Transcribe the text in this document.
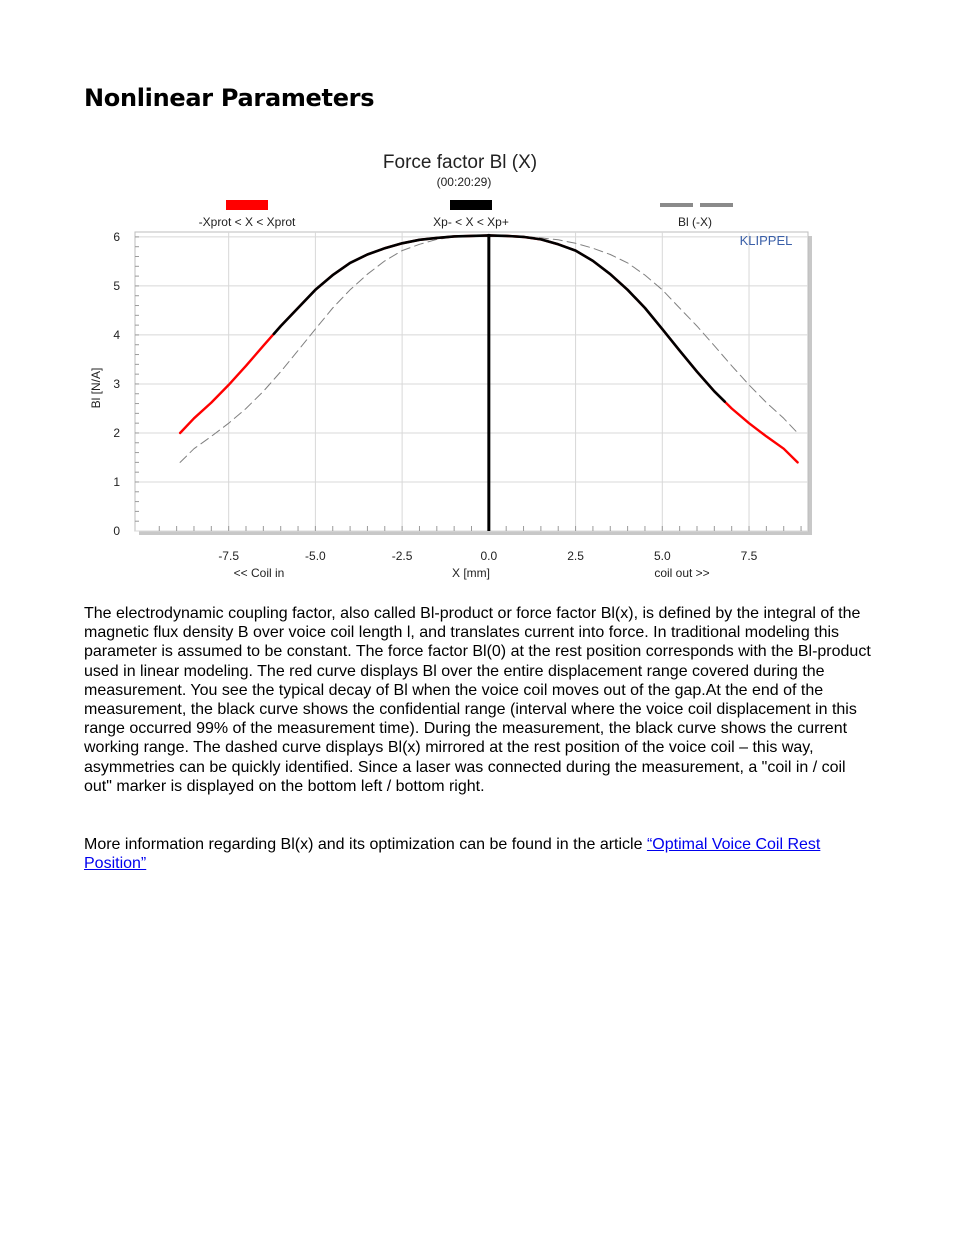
Nonlinear Parameters
Force factor Bl (X)
(00:20:29)
-Xprot < X < Xprot	Xp- < X < Xp+	Bl (-X)
-7.5	-5.0	-2.5	0.0	2.5	5.0	7.5
0
1
2
3
4
5
6	KLIPPEL
Bl [N/A]
X [mm]
<< Coil in	coil out >>

The electrodynamic coupling factor, also called Bl-product or force factor Bl(x), is defined by the integral of the magnetic flux density B over voice coil length l, and translates current into force. In traditional modeling this parameter is assumed to be constant. The force factor Bl(0) at the rest position corresponds with the Bl-product used in linear modeling. The red curve displays Bl over the entire displacement range covered during the measurement. You see the typical decay of Bl when the voice coil moves out of the gap.At the end of the measurement, the black curve shows the confidential range (interval where the voice coil displacement in this range occurred 99% of the measurement time). During the measurement, the black curve shows the current working range. The dashed curve displays Bl(x) mirrored at the rest position of the voice coil – this way, asymmetries can be quickly identified. Since a laser was connected during the measurement, a "coil in / coil out" marker is displayed on the bottom left / bottom right.

More information regarding Bl(x) and its optimization can be found in the article “Optimal Voice Coil Rest Position”
